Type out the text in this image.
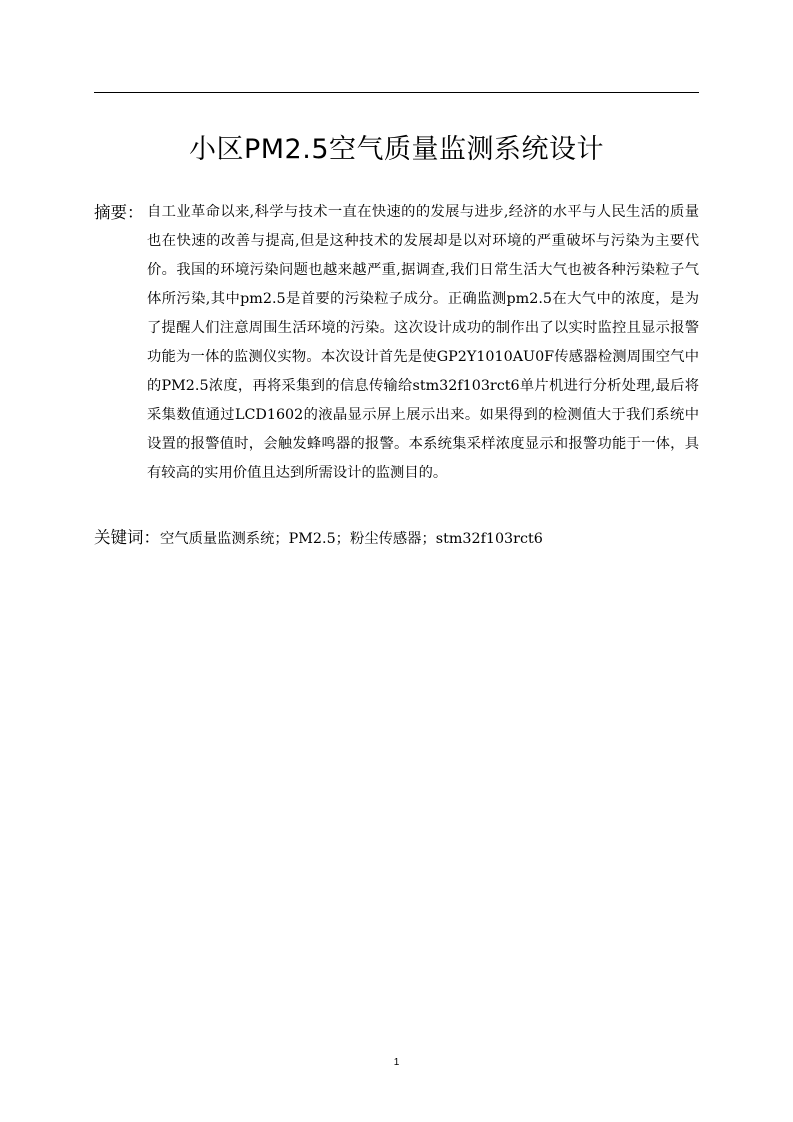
小区PM2.5空气质量监测系统设计
摘要： 自工业革命以来,科学与技术一直在快速的的发展与进步,经济的水平与人民生活的质量也在快速的改善与提高,但是这种技术的发展却是以对环境的严重破坏与污染为主要代价。我国的环境污染问题也越来越严重,据调查,我们日常生活大气也被各种污染粒子气体所污染,其中pm2.5是首要的污染粒子成分。正确监测pm2.5在大气中的浓度，是为了提醒人们注意周围生活环境的污染。这次设计成功的制作出了以实时监控且显示报警功能为一体的监测仪实物。本次设计首先是使GP2Y1010AU0F传感器检测周围空气中的PM2.5浓度，再将采集到的信息传输给stm32f103rct6单片机进行分析处理,最后将采集数值通过LCD1602的液晶显示屏上展示出来。如果得到的检测值大于我们系统中设置的报警值时，会触发蜂鸣器的报警。本系统集采样浓度显示和报警功能于一体，具有较高的实用价值且达到所需设计的监测目的。

关键词：空气质量监测系统；PM2.5；粉尘传感器；stm32f103rct6
1
